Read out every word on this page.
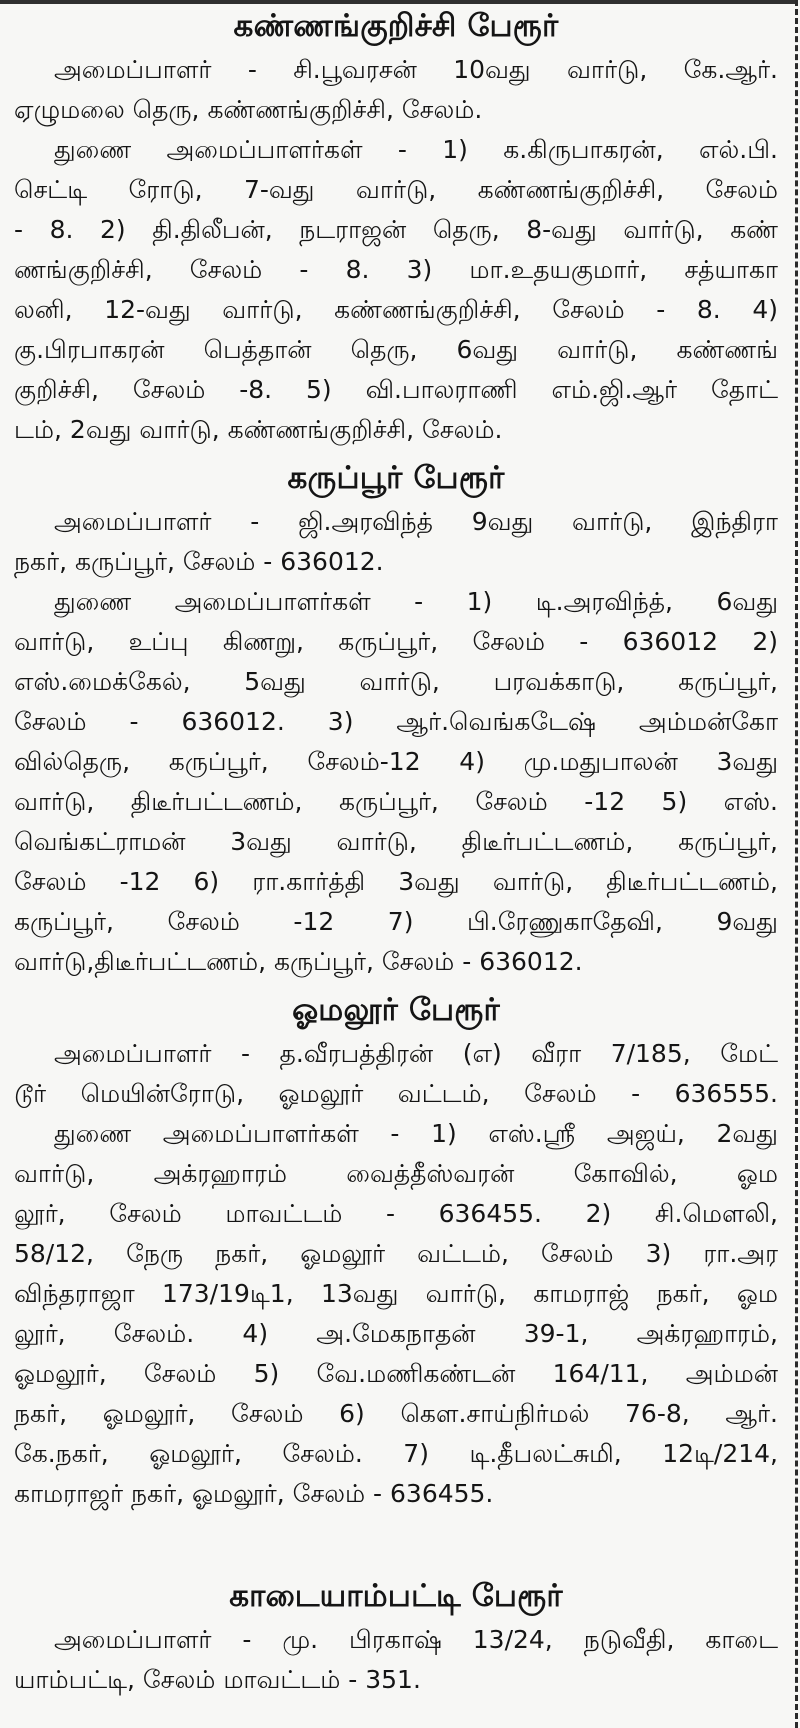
கண்ணங்குறிச்சி பேரூர்
அமைப்பாளர் - சி.பூவரசன் 10வது வார்டு, கே.ஆர்.
ஏழுமலை தெரு, கண்ணங்குறிச்சி, சேலம்.
துணை அமைப்பாளர்கள் - 1) க.கிருபாகரன், எல்.பி.
செட்டி ரோடு, 7-வது வார்டு, கண்ணங்குறிச்சி, சேலம்
- 8. 2) தி.திலீபன், நடராஜன் தெரு, 8-வது வார்டு, கண்
ணங்குறிச்சி, சேலம் - 8. 3) மா.உதயகுமார், சத்யாகா
லனி, 12-வது வார்டு, கண்ணங்குறிச்சி, சேலம் - 8. 4)
கு.பிரபாகரன் பெத்தான் தெரு, 6வது வார்டு, கண்ணங்
குறிச்சி, சேலம் -8. 5) வி.பாலராணி எம்.ஜி.ஆர் தோட்
டம், 2வது வார்டு, கண்ணங்குறிச்சி, சேலம்.
கருப்பூர் பேரூர்
அமைப்பாளர் - ஜி.அரவிந்த் 9வது வார்டு, இந்திரா
நகர், கருப்பூர், சேலம் - 636012.
துணை அமைப்பாளர்கள் - 1) டி.அரவிந்த், 6வது
வார்டு, உப்பு கிணறு, கருப்பூர், சேலம் - 636012 2)
எஸ்.மைக்கேல், 5வது வார்டு, பரவக்காடு, கருப்பூர்,
சேலம் - 636012. 3) ஆர்.வெங்கடேஷ் அம்மன்கோ
வில்தெரு, கருப்பூர், சேலம்-12 4) மு.மதுபாலன் 3வது
வார்டு, திடீர்பட்டணம், கருப்பூர், சேலம் -12 5) எஸ்.
வெங்கட்ராமன் 3வது வார்டு, திடீர்பட்டணம், கருப்பூர்,
சேலம் -12 6) ரா.கார்த்தி 3வது வார்டு, திடீர்பட்டணம்,
கருப்பூர், சேலம் -12 7) பி.ரேணுகாதேவி, 9வது
வார்டு,திடீர்பட்டணம், கருப்பூர், சேலம் - 636012.
ஓமலூர் பேரூர்
அமைப்பாளர் - த.வீரபத்திரன் (எ) வீரா 7/185, மேட்
டூர் மெயின்ரோடு, ஓமலூர் வட்டம், சேலம் - 636555.
துணை அமைப்பாளர்கள் - 1) எஸ்.ஸ்ரீ அஜய், 2வது
வார்டு, அக்ரஹாரம் வைத்தீஸ்வரன் கோவில், ஓம
லூர், சேலம் மாவட்டம் - 636455. 2) சி.மௌலி,
58/12, நேரு நகர், ஓமலூர் வட்டம், சேலம் 3) ரா.அர
விந்தராஜா 173/19டி1, 13வது வார்டு, காமராஜ் நகர், ஓம
லூர், சேலம். 4) அ.மேகநாதன் 39-1, அக்ரஹாரம்,
ஓமலூர், சேலம் 5) வே.மணிகண்டன் 164/11, அம்மன்
நகர், ஓமலூர், சேலம் 6) கௌ.சாய்நிர்மல் 76-8, ஆர்.
கே.நகர், ஓமலூர், சேலம். 7) டி.தீபலட்சுமி, 12டி/214,
காமராஜர் நகர், ஓமலூர், சேலம் - 636455.
காடையாம்பட்டி பேரூர்
அமைப்பாளர் - மு. பிரகாஷ் 13/24, நடுவீதி, காடை
யாம்பட்டி, சேலம் மாவட்டம் - 351.
